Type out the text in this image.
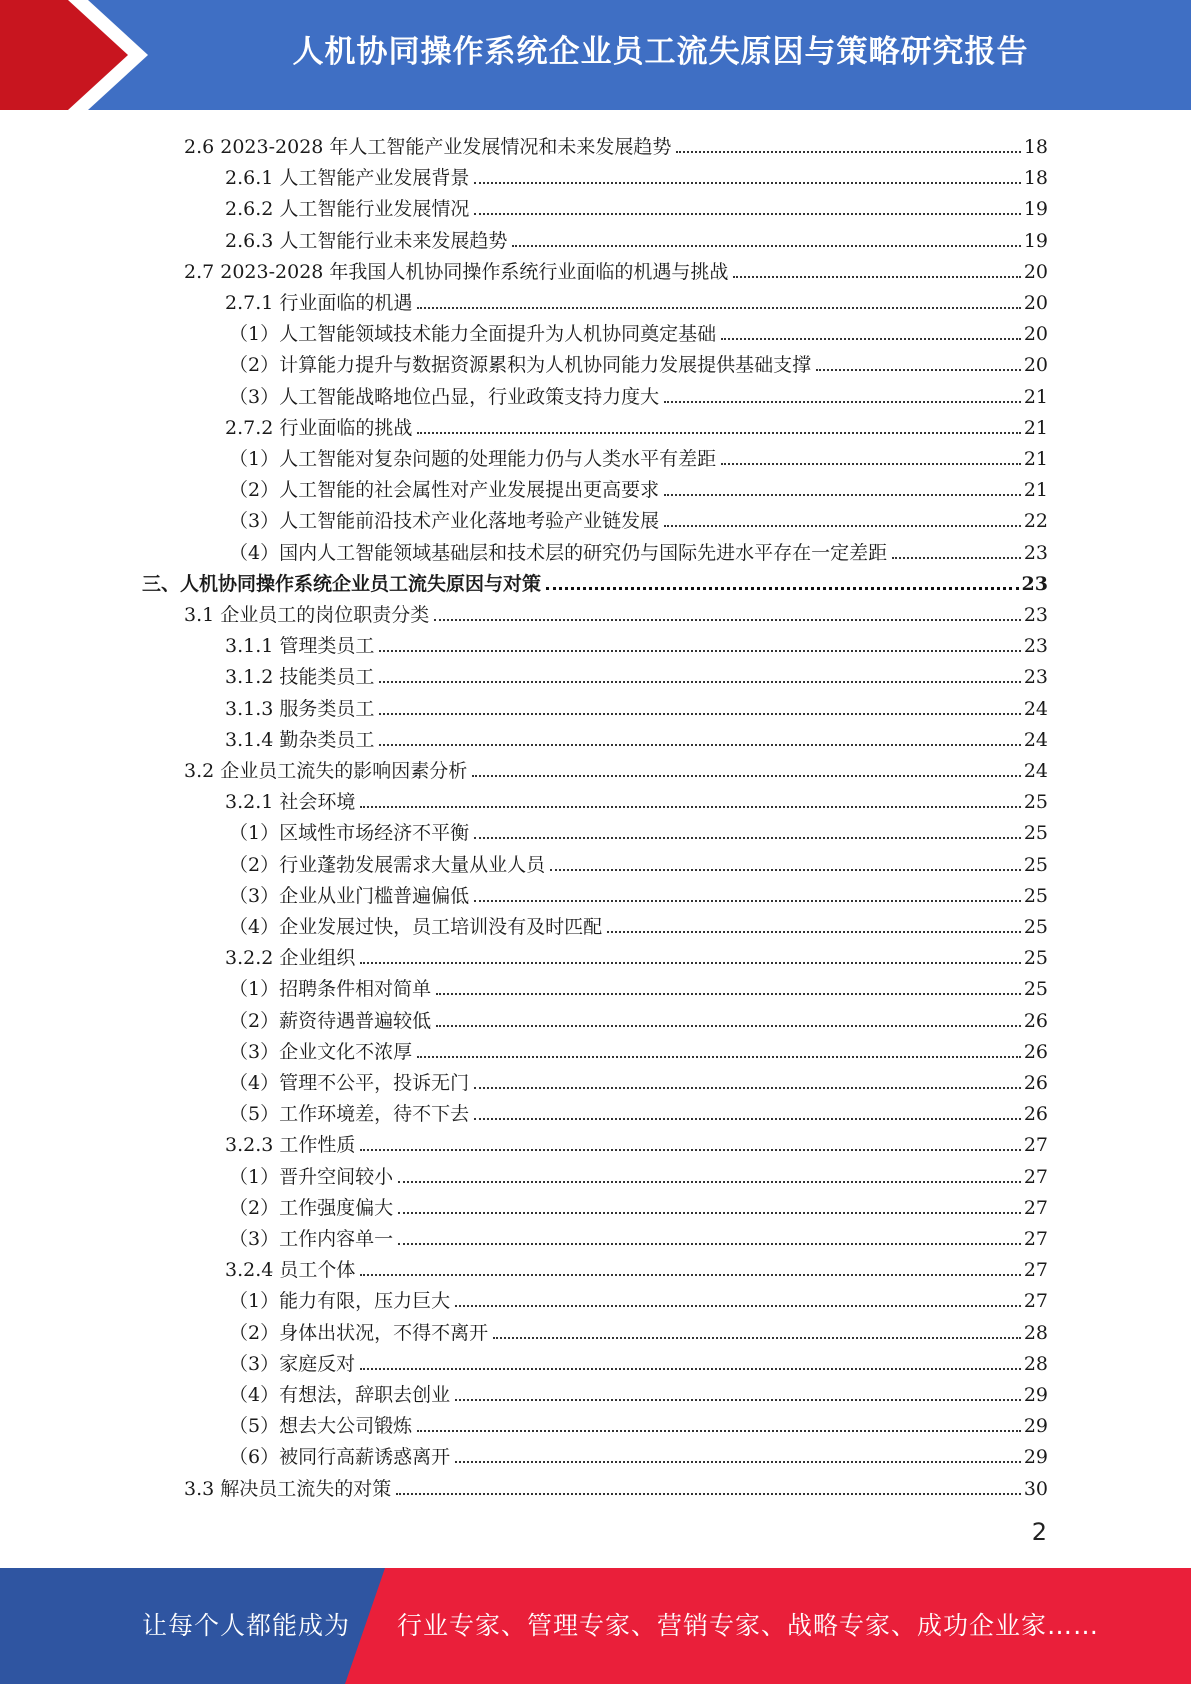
人机协同操作系统企业员工流失原因与策略研究报告
2.6 2023-2028 年人工智能产业发展情况和未来发展趋势	18
2.6.1 人工智能产业发展背景	18
2.6.2 人工智能行业发展情况	19
2.6.3 人工智能行业未来发展趋势	19
2.7 2023-2028 年我国人机协同操作系统行业面临的机遇与挑战	20
2.7.1 行业面临的机遇	20
（1）人工智能领域技术能力全面提升为人机协同奠定基础	20
（2）计算能力提升与数据资源累积为人机协同能力发展提供基础支撑	20
（3）人工智能战略地位凸显，行业政策支持力度大	21
2.7.2 行业面临的挑战	21
（1）人工智能对复杂问题的处理能力仍与人类水平有差距	21
（2）人工智能的社会属性对产业发展提出更高要求	21
（3）人工智能前沿技术产业化落地考验产业链发展	22
（4）国内人工智能领域基础层和技术层的研究仍与国际先进水平存在一定差距	23
三、人机协同操作系统企业员工流失原因与对策	23
3.1 企业员工的岗位职责分类	23
3.1.1 管理类员工	23
3.1.2 技能类员工	23
3.1.3 服务类员工	24
3.1.4 勤杂类员工	24
3.2 企业员工流失的影响因素分析	24
3.2.1 社会环境	25
（1）区域性市场经济不平衡	25
（2）行业蓬勃发展需求大量从业人员	25
（3）企业从业门槛普遍偏低	25
（4）企业发展过快，员工培训没有及时匹配	25
3.2.2 企业组织	25
（1）招聘条件相对简单	25
（2）薪资待遇普遍较低	26
（3）企业文化不浓厚	26
（4）管理不公平，投诉无门	26
（5）工作环境差，待不下去	26
3.2.3 工作性质	27
（1）晋升空间较小	27
（2）工作强度偏大	27
（3）工作内容单一	27
3.2.4 员工个体	27
（1）能力有限，压力巨大	27
（2）身体出状况，不得不离开	28
（3）家庭反对	28
（4）有想法，辞职去创业	29
（5）想去大公司锻炼	29
（6）被同行高薪诱惑离开	29
3.3 解决员工流失的对策	30
2
让每个人都能成为 行业专家、管理专家、营销专家、战略专家、成功企业家……
